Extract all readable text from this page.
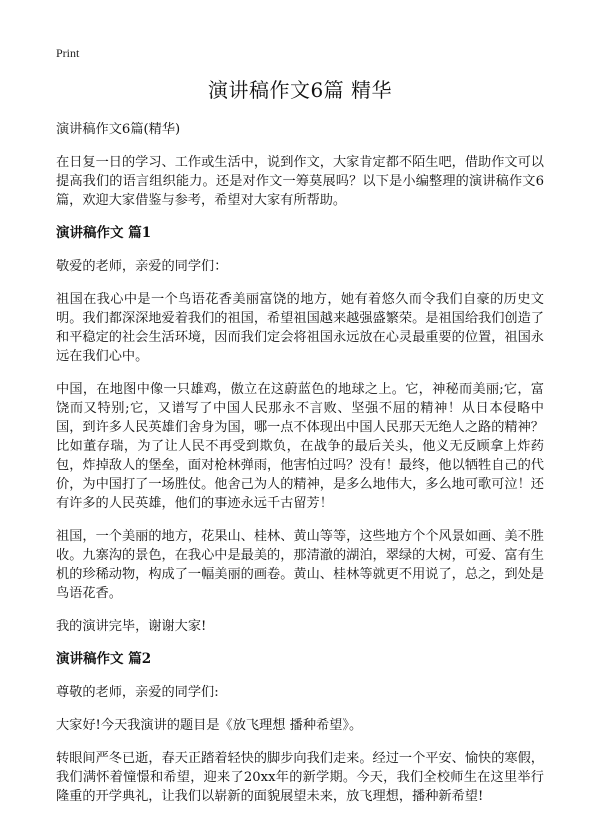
Print
演讲稿作文6篇 精华

演讲稿作文6篇(精华)

在日复一日的学习、工作或生活中，说到作文，大家肯定都不陌生吧，借助作文可以提高我们的语言组织能力。还是对作文一筹莫展吗？以下是小编整理的演讲稿作文6篇，欢迎大家借鉴与参考，希望对大家有所帮助。

演讲稿作文 篇1

敬爱的老师，亲爱的同学们：

祖国在我心中是一个鸟语花香美丽富饶的地方，她有着悠久而令我们自豪的历史文明。我们都深深地爱着我们的祖国，希望祖国越来越强盛繁荣。是祖国给我们创造了和平稳定的社会生活环境，因而我们定会将祖国永远放在心灵最重要的位置，祖国永远在我们心中。

中国，在地图中像一只雄鸡，傲立在这蔚蓝色的地球之上。它，神秘而美丽;它，富饶而又特别;它，又谱写了中国人民那永不言败、坚强不屈的精神！从日本侵略中国，到许多人民英雄们舍身为国，哪一点不体现出中国人民那天无绝人之路的精神？比如董存瑞，为了让人民不再受到欺负，在战争的最后关头，他义无反顾拿上炸药包，炸掉敌人的堡垒，面对枪林弹雨，他害怕过吗？没有！最终，他以牺牲自己的代价，为中国打了一场胜仗。他舍己为人的精神，是多么地伟大，多么地可歌可泣！还有许多的人民英雄，他们的事迹永远千古留芳！

祖国，一个美丽的地方，花果山、桂林、黄山等等，这些地方个个风景如画、美不胜收。九寨沟的景色，在我心中是最美的，那清澈的湖泊，翠绿的大树，可爱、富有生机的珍稀动物，构成了一幅美丽的画卷。黄山、桂林等就更不用说了，总之，到处是鸟语花香。

我的演讲完毕，谢谢大家!

演讲稿作文 篇2

尊敬的老师，亲爱的同学们:

大家好!今天我演讲的题目是《放飞理想 播种希望》。

转眼间严冬已逝，春天正踏着轻快的脚步向我们走来。经过一个平安、愉快的寒假，我们满怀着憧憬和希望，迎来了20xx年的新学期。今天，我们全校师生在这里举行隆重的开学典礼，让我们以崭新的面貌展望未来，放飞理想，播种新希望!
